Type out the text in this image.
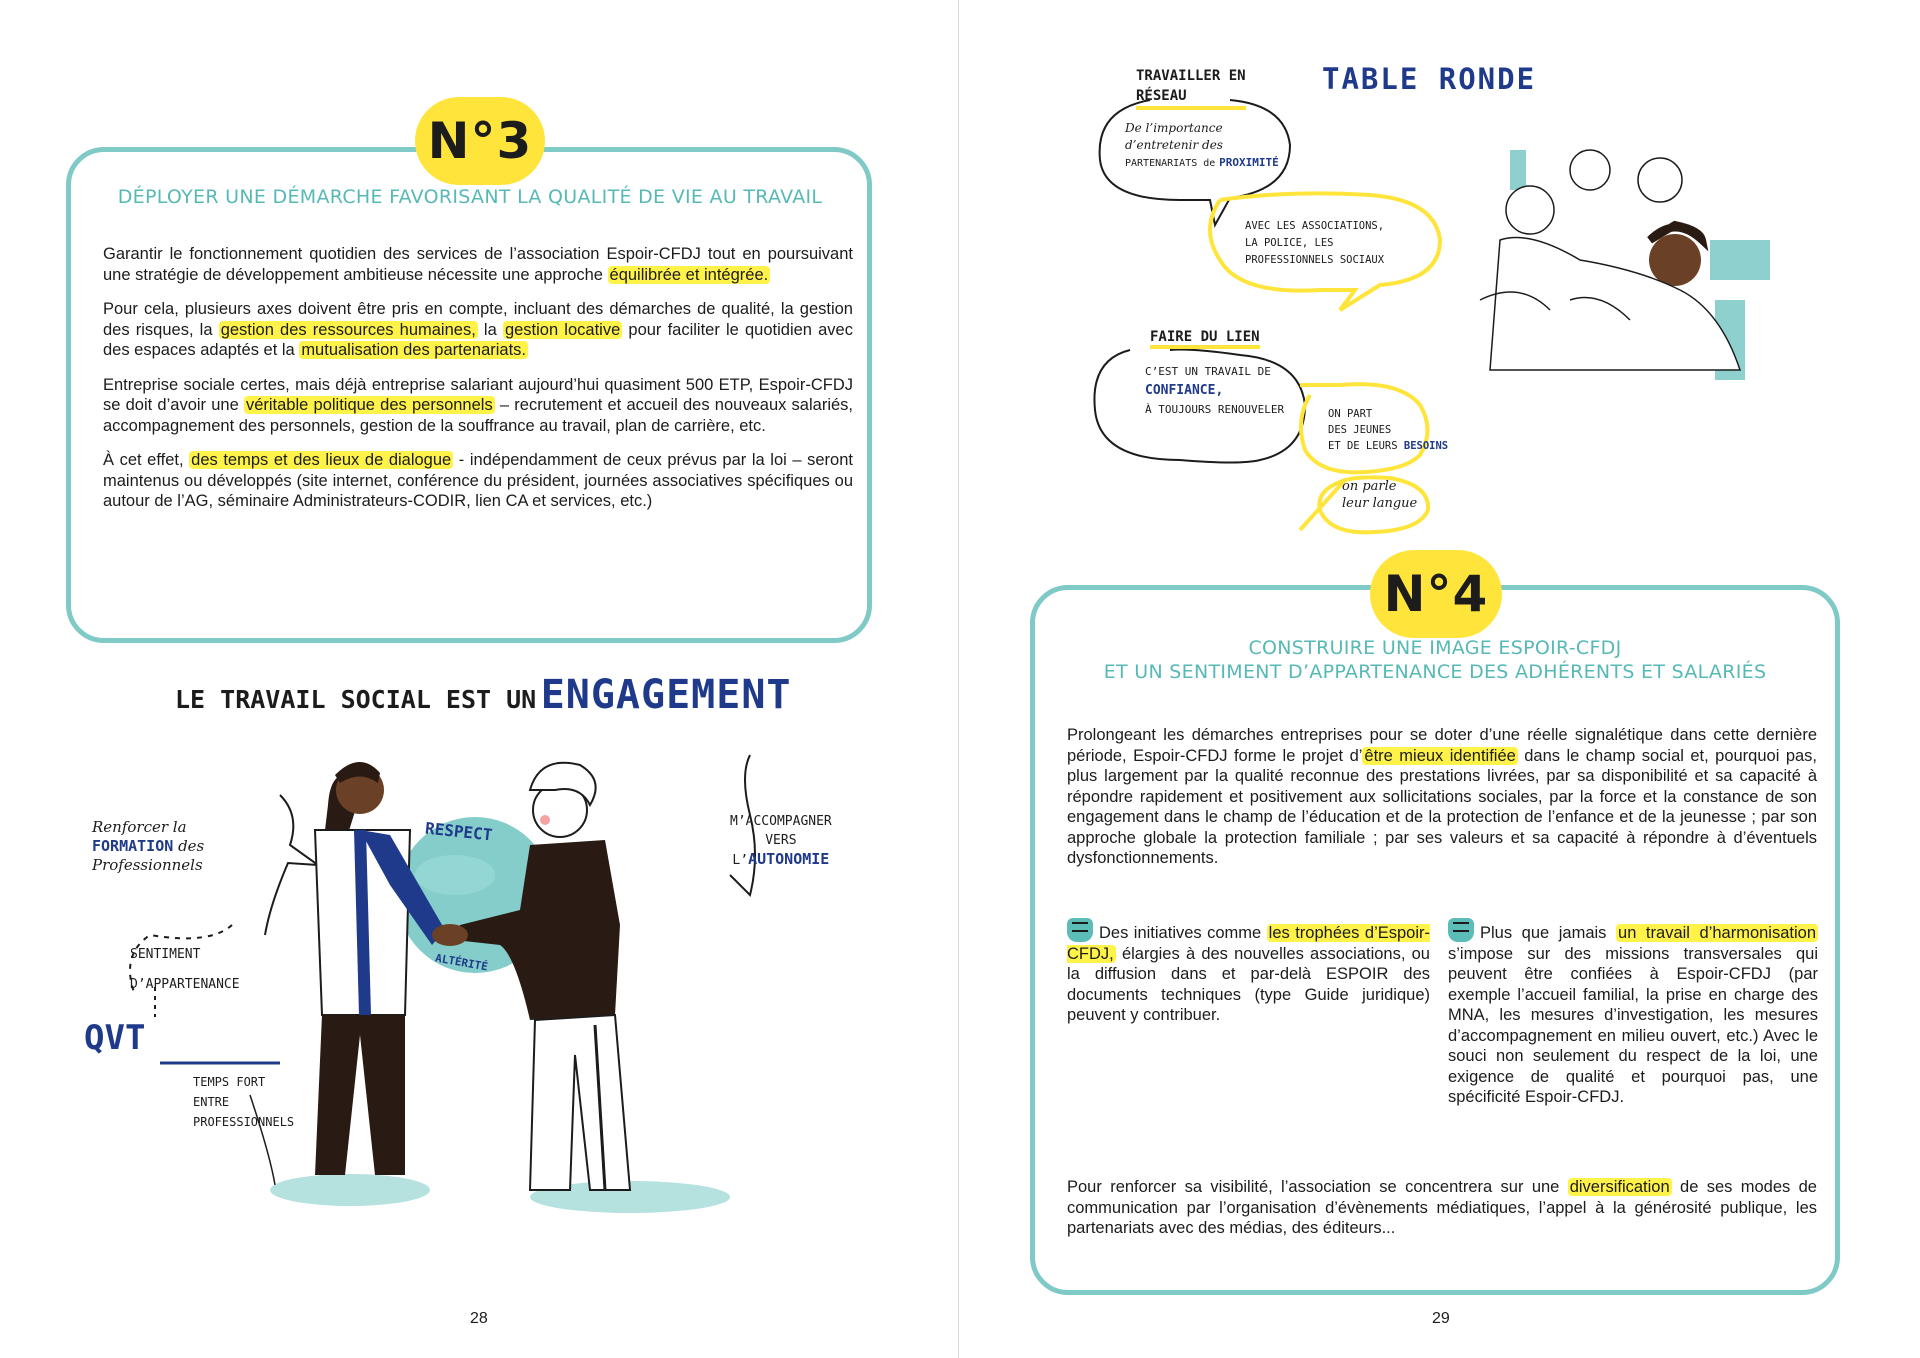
N°3
DÉPLOYER UNE DÉMARCHE FAVORISANT LA QUALITÉ DE VIE AU TRAVAIL

Garantir le fonctionnement quotidien des services de l’association Espoir-CFDJ tout en poursuivant une stratégie de développement ambitieuse nécessite une approche équilibrée et intégrée.

Pour cela, plusieurs axes doivent être pris en compte, incluant des démarches de qualité, la gestion des risques, la gestion des ressources humaines, la gestion locative pour faciliter le quotidien avec des espaces adaptés et la mutualisation des partenariats.

Entreprise sociale certes, mais déjà entreprise salariant aujourd’hui quasiment 500 ETP, Espoir-CFDJ se doit d’avoir une véritable politique des personnels – recrutement et accueil des nouveaux salariés, accompagnement des personnels, gestion de la souffrance au travail, plan de carrière, etc.

À cet effet, des temps et des lieux de dialogue - indépendamment de ceux prévus par la loi – seront maintenus ou développés (site internet, conférence du président, journées associatives spécifiques ou autour de l’AG, séminaire Administrateurs-CODIR, lien CA et services, etc.)

LE TRAVAIL SOCIAL EST UN ENGAGEMENT
Renforcer la
FORMATION des
Professionnels
SENTIMENT
D’APPARTENANCE
QVT
TEMPS FORT
ENTRE
PROFESSIONNELS
RESPECT
ALTÉRITÉ
M’ACCOMPAGNER
VERS
L’AUTONOMIE
28
TABLE RONDE
TRAVAILLER EN RÉSEAU
De l’importance
d’entretenir des
PARTENARIATS de PROXIMITÉ
AVEC LES ASSOCIATIONS,
LA POLICE, LES
PROFESSIONNELS SOCIAUX
FAIRE DU LIEN
C’EST UN TRAVAIL DE
CONFIANCE,
À TOUJOURS RENOUVELER	ON PART
DES JEUNES
ET DE LEURS BESOINS
on parle
leur langue
N°4
CONSTRUIRE UNE IMAGE ESPOIR-CFDJ
ET UN SENTIMENT D’APPARTENANCE DES ADHÉRENTS ET SALARIÉS

Prolongeant les démarches entreprises pour se doter d’une réelle signalétique dans cette dernière période, Espoir-CFDJ forme le projet d’ être mieux identifiée dans le champ social et, pourquoi pas, plus largement par la qualité reconnue des prestations livrées, par sa disponibilité et sa capacité à répondre rapidement et positivement aux sollicitations sociales, par la force et la constance de son engagement dans le champ de l’éducation et de la protection de l’enfance et de la jeunesse ; par son approche globale la protection familiale ; par ses valeurs et sa capacité à répondre à d’éventuels dysfonctionnements.

Des initiatives comme les trophées d’Espoir-CFDJ, élargies à des nouvelles associations, ou la diffusion dans et par-delà ESPOIR des documents techniques (type Guide juridique) peuvent y contribuer.
Plus que jamais un travail d’harmonisation s’impose sur des missions transversales qui peuvent être confiées à Espoir-CFDJ (par exemple l’accueil familial, la prise en charge des MNA, les mesures d’investigation, les mesures d’accompagnement en milieu ouvert, etc.) Avec le souci non seulement du respect de la loi, une exigence de qualité et pourquoi pas, une spécificité Espoir-CFDJ.

Pour renforcer sa visibilité, l’association se concentrera sur une diversification de ses modes de communication par l’organisation d’évènements médiatiques, l’appel à la générosité publique, les partenariats avec des médias, des éditeurs...

29
